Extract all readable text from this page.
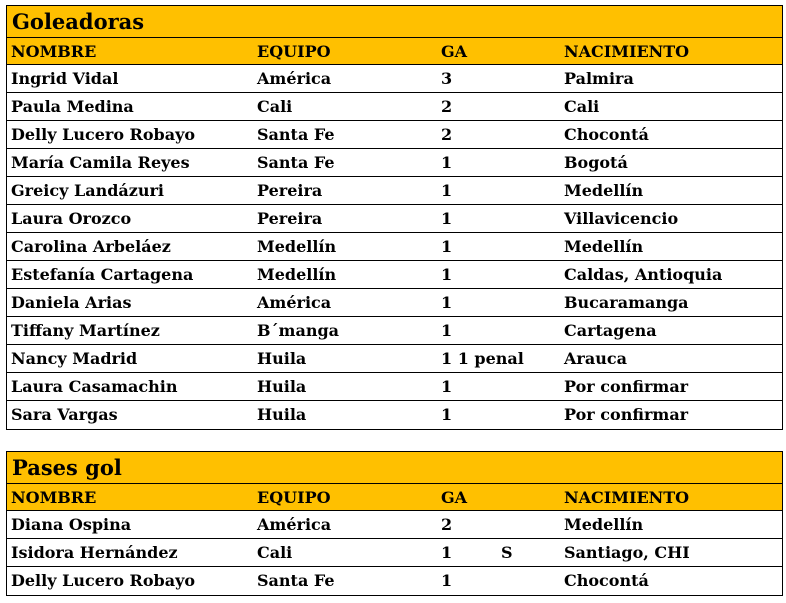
Goleadoras
NOMBRE	EQUIPO	GA	NACIMIENTO
Ingrid Vidal	América	3	Palmira
Paula Medina	Cali	2	Cali
Delly Lucero Robayo	Santa Fe	2	Chocontá
María Camila Reyes	Santa Fe	1	Bogotá
Greicy Landázuri	Pereira	1	Medellín
Laura Orozco	Pereira	1	Villavicencio
Carolina Arbeláez	Medellín	1	Medellín
Estefanía Cartagena	Medellín	1	Caldas, Antioquia
Daniela Arias	América	1	Bucaramanga
Tiffany Martínez	B´manga	1	Cartagena
Nancy Madrid	Huila	1 1 penal	Arauca
Laura Casamachin	Huila	1	Por confirmar
Sara Vargas	Huila	1	Por confirmar
Pases gol
NOMBRE	EQUIPO	GA	NACIMIENTO
Diana Ospina	América	2	Medellín
Isidora Hernández	Cali	1	S	Santiago, CHI
Delly Lucero Robayo	Santa Fe	1	Chocontá
